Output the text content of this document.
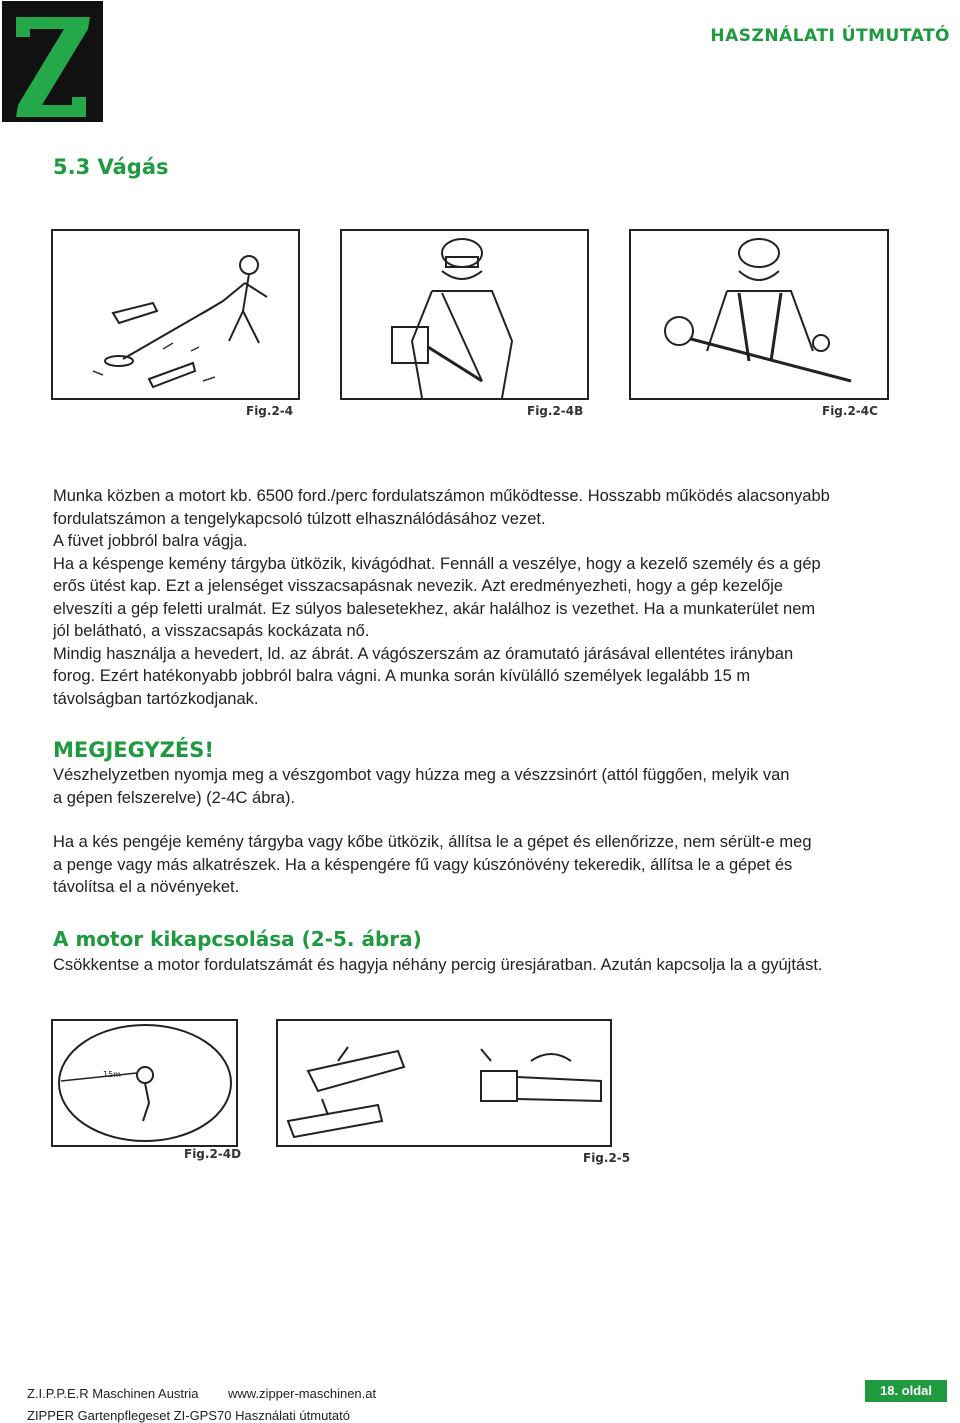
HASZNÁLATI ÚTMUTATÓ
5.3 Vágás
Fig.2-4	Fig.2-4B	Fig.2-4C

Munka közben a motort kb. 6500 ford./perc fordulatszámon működtesse. Hosszabb működés alacsonyabb

fordulatszámon a tengelykapcsoló túlzott elhasználódásához vezet.

A füvet jobbról balra vágja.

Ha a késpenge kemény tárgyba ütközik, kivágódhat. Fennáll a veszélye, hogy a kezelő személy és a gép

erős ütést kap. Ezt a jelenséget visszacsapásnak nevezik. Azt eredményezheti, hogy a gép kezelője

elveszíti a gép feletti uralmát. Ez súlyos balesetekhez, akár halálhoz is vezethet. Ha a munkaterület nem

jól belátható, a visszacsapás kockázata nő.

Mindig használja a hevedert, ld. az ábrát. A vágószerszám az óramutató járásával ellentétes irányban

forog. Ezért hatékonyabb jobbról balra vágni. A munka során kívülálló személyek legalább 15 m

távolságban tartózkodjanak.

MEGJEGYZÉS!

Vészhelyzetben nyomja meg a vészgombot vagy húzza meg a vészzsinórt (attól függően, melyik van

a gépen felszerelve) (2-4C ábra).

Ha a kés pengéje kemény tárgyba vagy kőbe ütközik, állítsa le a gépet és ellenőrizze, nem sérült-e meg

a penge vagy más alkatrészek. Ha a késpengére fű vagy kúszónövény tekeredik, állítsa le a gépet és

távolítsa el a növényeket.

A motor kikapcsolása (2-5. ábra)

Csökkentse a motor fordulatszámát és hagyja néhány percig üresjáratban. Azután kapcsolja la a gyújtást.

15m
Fig.2-4D	Fig.2-5
Z.I.P.P.E.R Maschinen Austria www.zipper-maschinen.at
ZIPPER Gartenpflegeset ZI-GPS70 Használati útmutató
18. oldal
